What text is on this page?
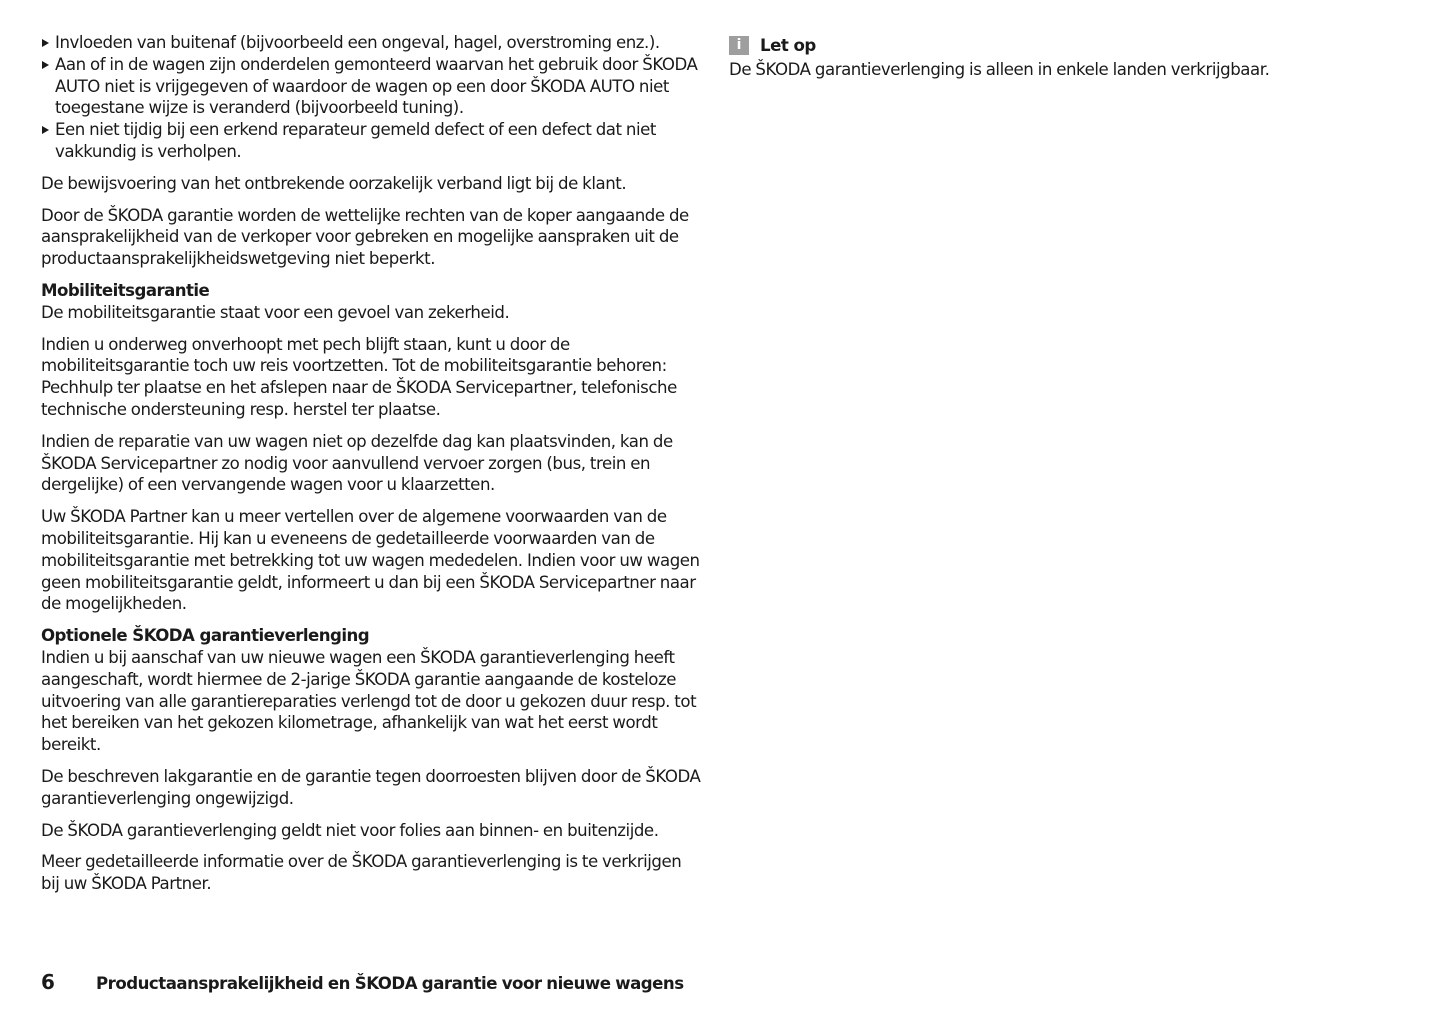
Invloeden van buitenaf (bijvoorbeeld een ongeval, hagel, overstroming enz.).
Aan of in de wagen zijn onderdelen gemonteerd waarvan het gebruik door ŠKODA AUTO niet is vrijgegeven of waardoor de wagen op een door ŠKODA AUTO niet toegestane wijze is veranderd (bijvoorbeeld tuning).
Een niet tijdig bij een erkend reparateur gemeld defect of een defect dat niet vakkundig is verholpen.

De bewijsvoering van het ontbrekende oorzakelijk verband ligt bij de klant.

Door de ŠKODA garantie worden de wettelijke rechten van de koper aangaande de aansprakelijkheid van de verkoper voor gebreken en mogelijke aanspraken uit de productaansprakelijkheidswetgeving niet beperkt.

Mobiliteitsgarantie

De mobiliteitsgarantie staat voor een gevoel van zekerheid.

Indien u onderweg onverhoopt met pech blijft staan, kunt u door de mobiliteitsgarantie toch uw reis voortzetten. Tot de mobiliteitsgarantie behoren: Pechhulp ter plaatse en het afslepen naar de ŠKODA Servicepartner, telefonische technische ondersteuning resp. herstel ter plaatse.

Indien de reparatie van uw wagen niet op dezelfde dag kan plaatsvinden, kan de ŠKODA Servicepartner zo nodig voor aanvullend vervoer zorgen (bus, trein en dergelijke) of een vervangende wagen voor u klaarzetten.

Uw ŠKODA Partner kan u meer vertellen over de algemene voorwaarden van de mobiliteitsgarantie. Hij kan u eveneens de gedetailleerde voorwaarden van de mobiliteitsgarantie met betrekking tot uw wagen mededelen. Indien voor uw wagen geen mobiliteitsgarantie geldt, informeert u dan bij een ŠKODA Servicepartner naar de mogelijkheden.

Optionele ŠKODA garantieverlenging

Indien u bij aanschaf van uw nieuwe wagen een ŠKODA garantieverlenging heeft aangeschaft, wordt hiermee de 2-jarige ŠKODA garantie aangaande de kosteloze uitvoering van alle garantiereparaties verlengd tot de door u gekozen duur resp. tot het bereiken van het gekozen kilometrage, afhankelijk van wat het eerst wordt bereikt.

De beschreven lakgarantie en de garantie tegen doorroesten blijven door de ŠKODA garantieverlenging ongewijzigd.

De ŠKODA garantieverlenging geldt niet voor folies aan binnen- en buitenzijde.

Meer gedetailleerde informatie over de ŠKODA garantieverlenging is te verkrijgen bij uw ŠKODA Partner.

i	Let op

De ŠKODA garantieverlenging is alleen in enkele landen verkrijgbaar.

6	Productaansprakelijkheid en ŠKODA garantie voor nieuwe wagens
